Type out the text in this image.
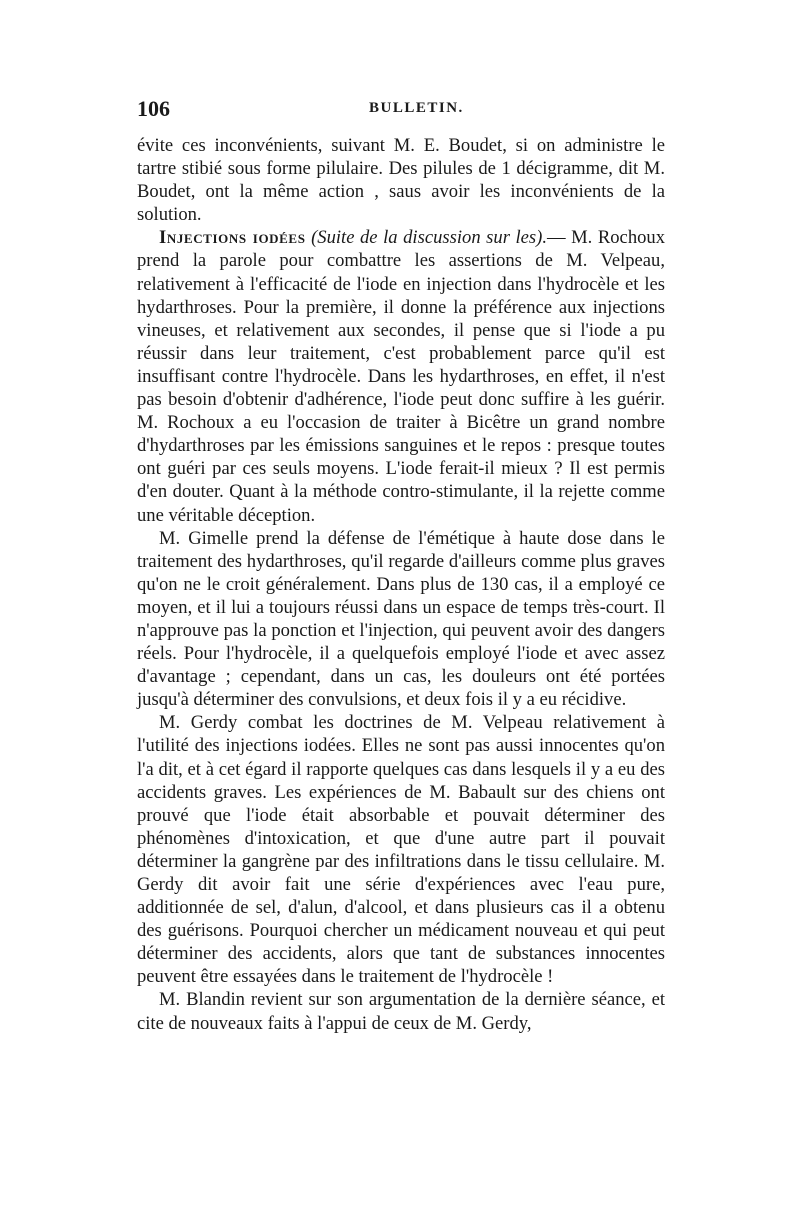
106	BULLETIN.

évite ces inconvénients, suivant M. E. Boudet, si on administre le tartre stibié sous forme pilulaire. Des pilules de 1 décigramme, dit M. Boudet, ont la même action , saus avoir les inconvénients de la solution.

Injections iodées (Suite de la discussion sur les).— M. Rochoux prend la parole pour combattre les assertions de M. Velpeau, relativement à l'efficacité de l'iode en injection dans l'hydrocèle et les hydarthroses. Pour la première, il donne la préférence aux injections vineuses, et relativement aux secondes, il pense que si l'iode a pu réussir dans leur traitement, c'est probablement parce qu'il est insuffisant contre l'hydrocèle. Dans les hydarthroses, en effet, il n'est pas besoin d'obtenir d'adhérence, l'iode peut donc suffire à les guérir. M. Rochoux a eu l'occasion de traiter à Bicêtre un grand nombre d'hydarthroses par les émissions sanguines et le repos : presque toutes ont guéri par ces seuls moyens. L'iode ferait-il mieux ? Il est permis d'en douter. Quant à la méthode contro-stimulante, il la rejette comme une véritable déception.

M. Gimelle prend la défense de l'émétique à haute dose dans le traitement des hydarthroses, qu'il regarde d'ailleurs comme plus graves qu'on ne le croit généralement. Dans plus de 130 cas, il a employé ce moyen, et il lui a toujours réussi dans un espace de temps très-court. Il n'approuve pas la ponction et l'injection, qui peuvent avoir des dangers réels. Pour l'hydrocèle, il a quelquefois employé l'iode et avec assez d'avantage ; cependant, dans un cas, les douleurs ont été portées jusqu'à déterminer des convulsions, et deux fois il y a eu récidive.

M. Gerdy combat les doctrines de M. Velpeau relativement à l'utilité des injections iodées. Elles ne sont pas aussi innocentes qu'on l'a dit, et à cet égard il rapporte quelques cas dans lesquels il y a eu des accidents graves. Les expériences de M. Babault sur des chiens ont prouvé que l'iode était absorbable et pouvait déterminer des phénomènes d'intoxication, et que d'une autre part il pouvait déterminer la gangrène par des infiltrations dans le tissu cellulaire. M. Gerdy dit avoir fait une série d'expériences avec l'eau pure, additionnée de sel, d'alun, d'alcool, et dans plusieurs cas il a obtenu des guérisons. Pourquoi chercher un médicament nouveau et qui peut déterminer des accidents, alors que tant de substances innocentes peuvent être essayées dans le traitement de l'hydrocèle !

M. Blandin revient sur son argumentation de la dernière séance, et cite de nouveaux faits à l'appui de ceux de M. Gerdy,
